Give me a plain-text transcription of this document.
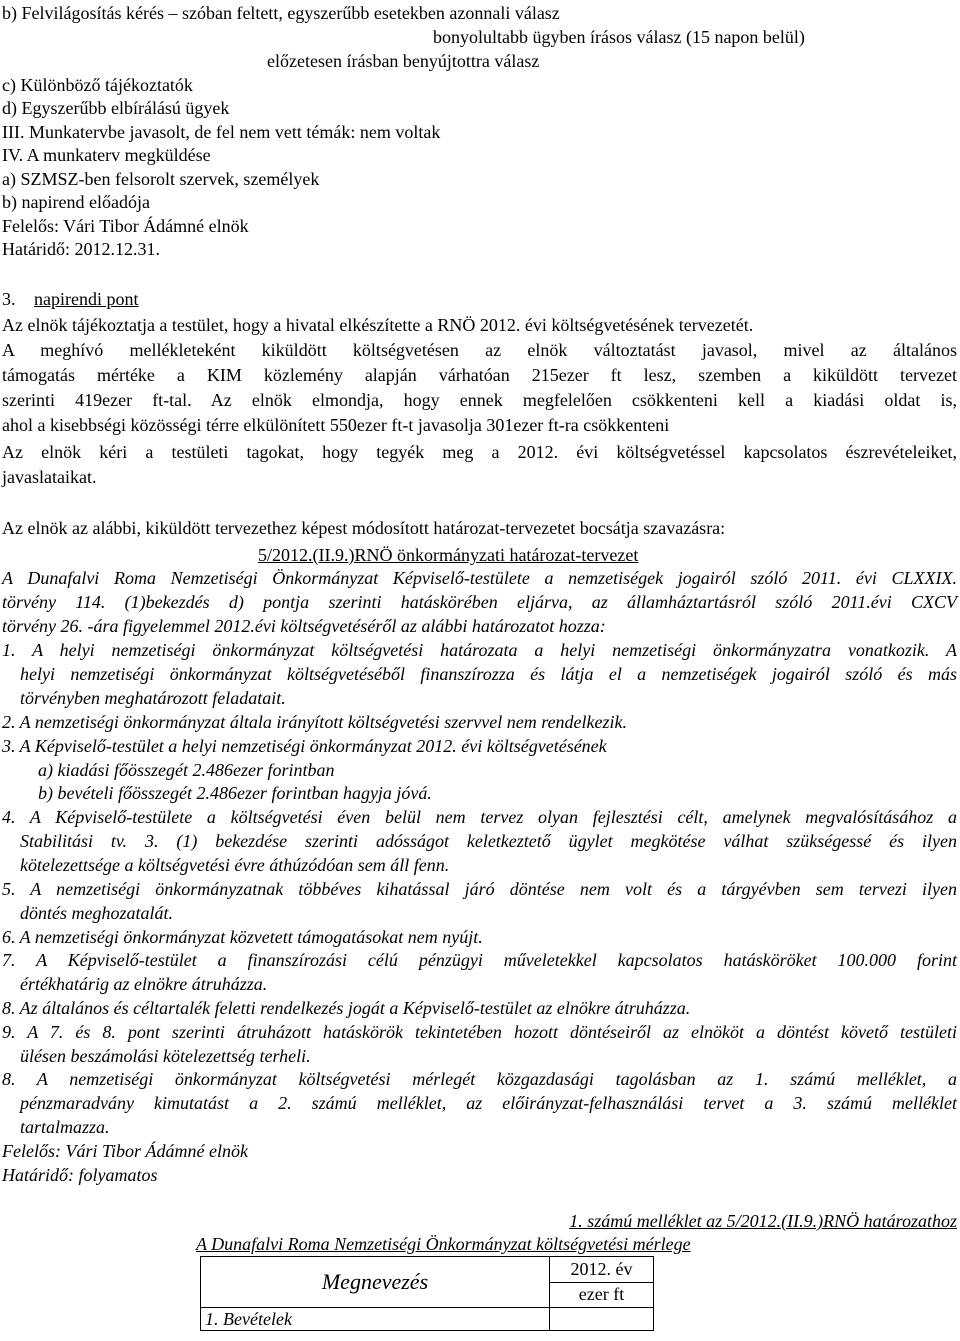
b) Felvilágosítás kérés – szóban feltett, egyszerűbb esetekben azonnali válasz
bonyolultabb ügyben írásos válasz (15 napon belül)
előzetesen írásban benyújtottra válasz
c) Különböző tájékoztatók
d) Egyszerűbb elbírálású ügyek
III. Munkatervbe javasolt, de fel nem vett témák: nem voltak
IV. A munkaterv megküldése
a) SZMSZ-ben felsorolt szervek, személyek
b) napirend előadója
Felelős: Vári Tibor Ádámné elnök
Határidő: 2012.12.31.
3. napirendi pont
Az elnök tájékoztatja a testület, hogy a hivatal elkészítette a RNÖ 2012. évi költségvetésének tervezetét.
A meghívó mellékleteként kiküldött költségvetésen az elnök változtatást javasol, mivel az általános
támogatás mértéke a KIM közlemény alapján várhatóan 215ezer ft lesz, szemben a kiküldött tervezet
szerinti 419ezer ft-tal. Az elnök elmondja, hogy ennek megfelelően csökkenteni kell a kiadási oldat is,
ahol a kisebbségi közösségi térre elkülönített 550ezer ft-t javasolja 301ezer ft-ra csökkenteni
Az elnök kéri a testületi tagokat, hogy tegyék meg a 2012. évi költségvetéssel kapcsolatos észrevételeiket,
javaslataikat.
Az elnök az alábbi, kiküldött tervezethez képest módosított határozat-tervezetet bocsátja szavazásra:
5/2012.(II.9.)RNÖ önkormányzati határozat-tervezet
A Dunafalvi Roma Nemzetiségi Önkormányzat Képviselő-testülete a nemzetiségek jogairól szóló 2011. évi CLXXIX.
törvény 114. (1)bekezdés d) pontja szerinti hatáskörében eljárva, az államháztartásról szóló 2011.évi CXCV
törvény 26. -ára figyelemmel 2012.évi költségvetéséről az alábbi határozatot hozza:
1. A helyi nemzetiségi önkormányzat költségvetési határozata a helyi nemzetiségi önkormányzatra vonatkozik. A
helyi nemzetiségi önkormányzat költségvetéséből finanszírozza és látja el a nemzetiségek jogairól szóló és más
törvényben meghatározott feladatait.
2. A nemzetiségi önkormányzat általa irányított költségvetési szervvel nem rendelkezik.
3. A Képviselő-testület a helyi nemzetiségi önkormányzat 2012. évi költségvetésének
a) kiadási főösszegét 2.486ezer forintban
b) bevételi főösszegét 2.486ezer forintban hagyja jóvá.
4. A Képviselő-testülete a költségvetési éven belül nem tervez olyan fejlesztési célt, amelynek megvalósításához a
Stabilitási tv. 3. (1) bekezdése szerinti adósságot keletkeztető ügylet megkötése válhat szükségessé és ilyen
kötelezettsége a költségvetési évre áthúzódóan sem áll fenn.
5. A nemzetiségi önkormányzatnak többéves kihatással járó döntése nem volt és a tárgyévben sem tervezi ilyen
döntés meghozatalát.
6. A nemzetiségi önkormányzat közvetett támogatásokat nem nyújt.
7. A Képviselő-testület a finanszírozási célú pénzügyi műveletekkel kapcsolatos hatásköröket 100.000 forint
értékhatárig az elnökre átruházza.
8. Az általános és céltartalék feletti rendelkezés jogát a Képviselő-testület az elnökre átruházza.
9. A 7. és 8. pont szerinti átruházott hatáskörök tekintetében hozott döntéseiről az elnököt a döntést követő testületi
ülésen beszámolási kötelezettség terheli.
8. A nemzetiségi önkormányzat költségvetési mérlegét közgazdasági tagolásban az 1. számú melléklet, a
pénzmaradvány kimutatást a 2. számú melléklet, az előirányzat-felhasználási tervet a 3. számú melléklet
tartalmazza.
Felelős: Vári Tibor Ádámné elnök
Határidő: folyamatos
1. számú melléklet az 5/2012.(II.9.)RNÖ határozathoz
A Dunafalvi Roma Nemzetiségi Önkormányzat költségvetési mérlege
Megnevezés	2012. év
	ezer ft
1. Bevételek	
